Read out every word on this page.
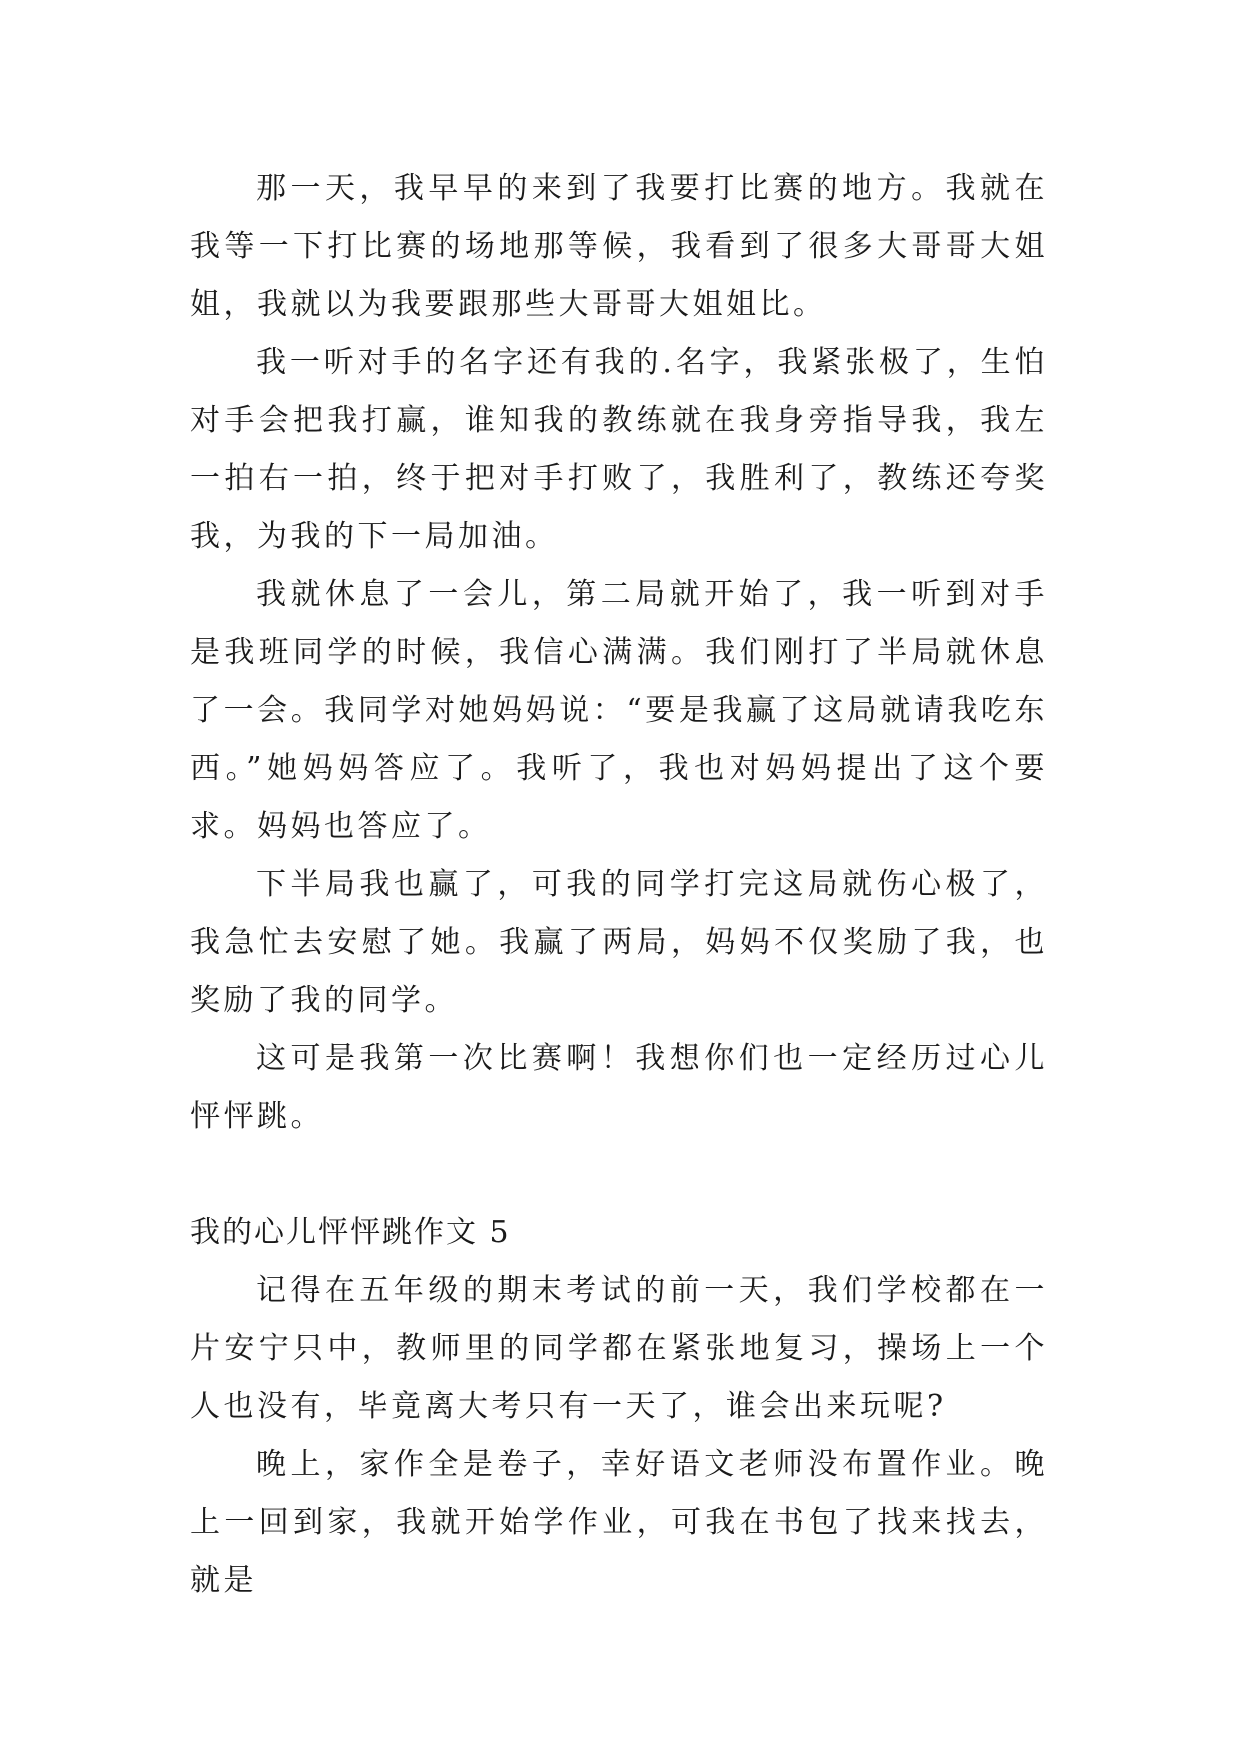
那一天，我早早的来到了我要打比赛的地方。我就在我等一下打比赛的场地那等候，我看到了很多大哥哥大姐姐，我就以为我要跟那些大哥哥大姐姐比。

我一听对手的名字还有我的.名字，我紧张极了，生怕对手会把我打赢，谁知我的教练就在我身旁指导我，我左一拍右一拍，终于把对手打败了，我胜利了，教练还夸奖我，为我的下一局加油。

我就休息了一会儿，第二局就开始了，我一听到对手是我班同学的时候，我信心满满。我们刚打了半局就休息了一会。我同学对她妈妈说：“要是我赢了这局就请我吃东西。”她妈妈答应了。我听了，我也对妈妈提出了这个要求。妈妈也答应了。

下半局我也赢了，可我的同学打完这局就伤心极了，我急忙去安慰了她。我赢了两局，妈妈不仅奖励了我，也奖励了我的同学。

这可是我第一次比赛啊！我想你们也一定经历过心儿怦怦跳。

我的心儿怦怦跳作文 5

记得在五年级的期末考试的前一天，我们学校都在一片安宁只中，教师里的同学都在紧张地复习，操场上一个人也没有，毕竟离大考只有一天了，谁会出来玩呢?

晚上，家作全是卷子，幸好语文老师没布置作业。晚上一回到家，我就开始学作业，可我在书包了找来找去，就是
